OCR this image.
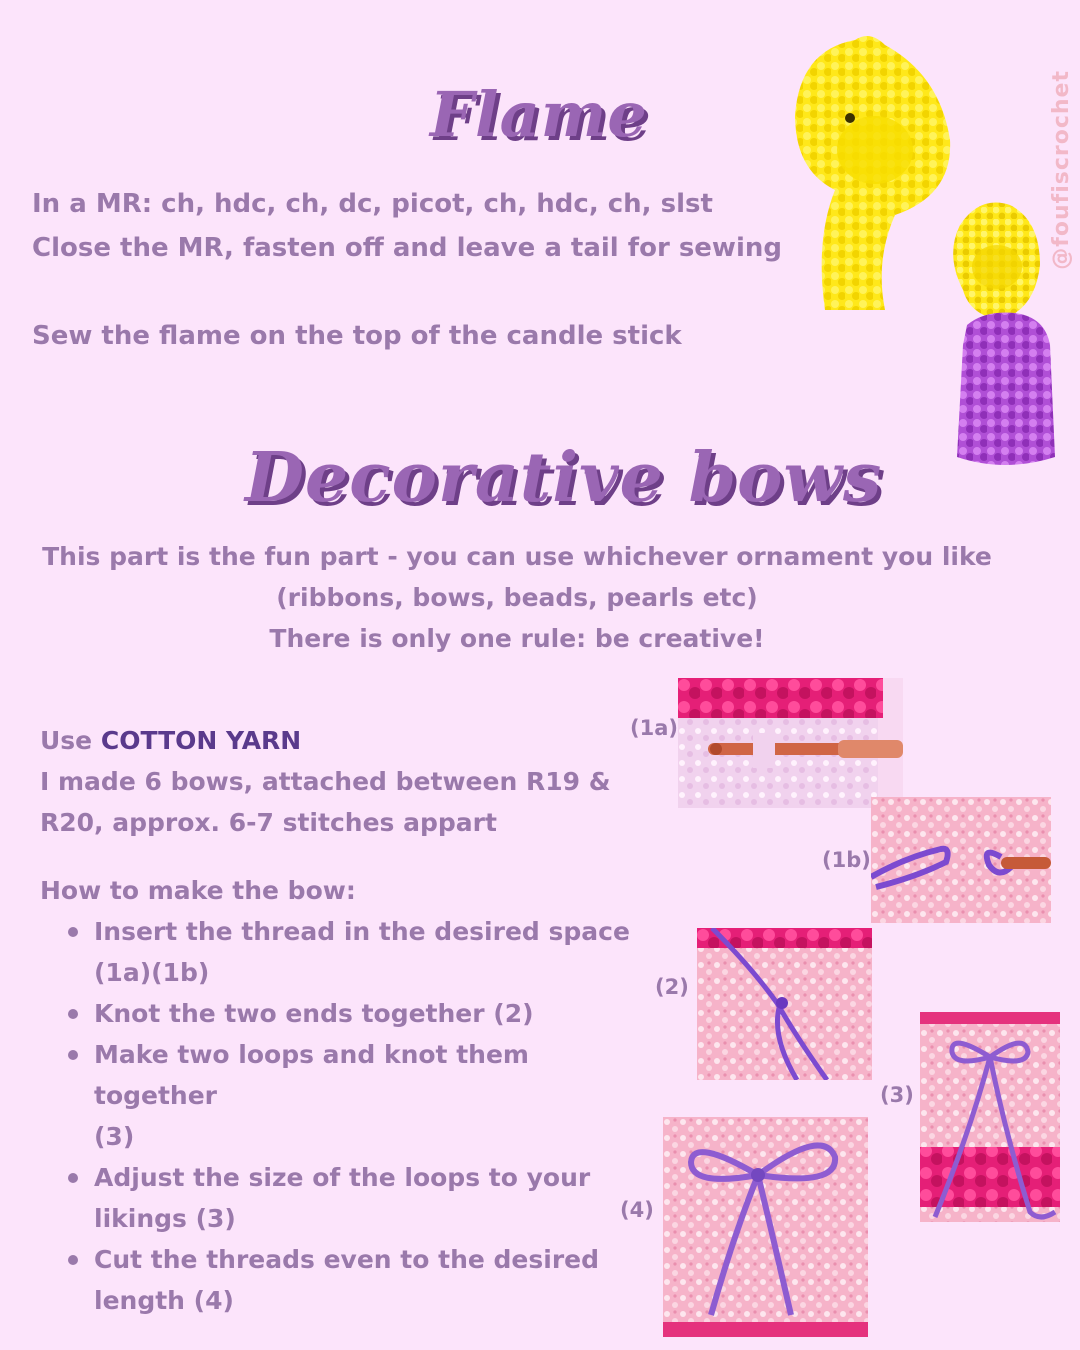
Flame
In a MR: ch, hdc, ch, dc, picot, ch, hdc, ch, slst
Close the MR, fasten off and leave a tail for sewing
Sew the flame on the top of the candle stick
@foufiscrochet
Decorative bows
This part is the fun part - you can use whichever ornament you like
(ribbons, bows, beads, pearls etc)
There is only one rule: be creative!
Use COTTON YARN
I made 6 bows, attached between R19 &
R20, approx. 6-7 stitches appart

How to make the bow:

Insert the thread in the desired space
(1a)(1b)
Knot the two ends together (2)
Make two loops and knot them together
(3)
Adjust the size of the loops to your
likings (3)
Cut the threads even to the desired
length (4)
(1a)
(1b)
(2)
(3)
(4)
